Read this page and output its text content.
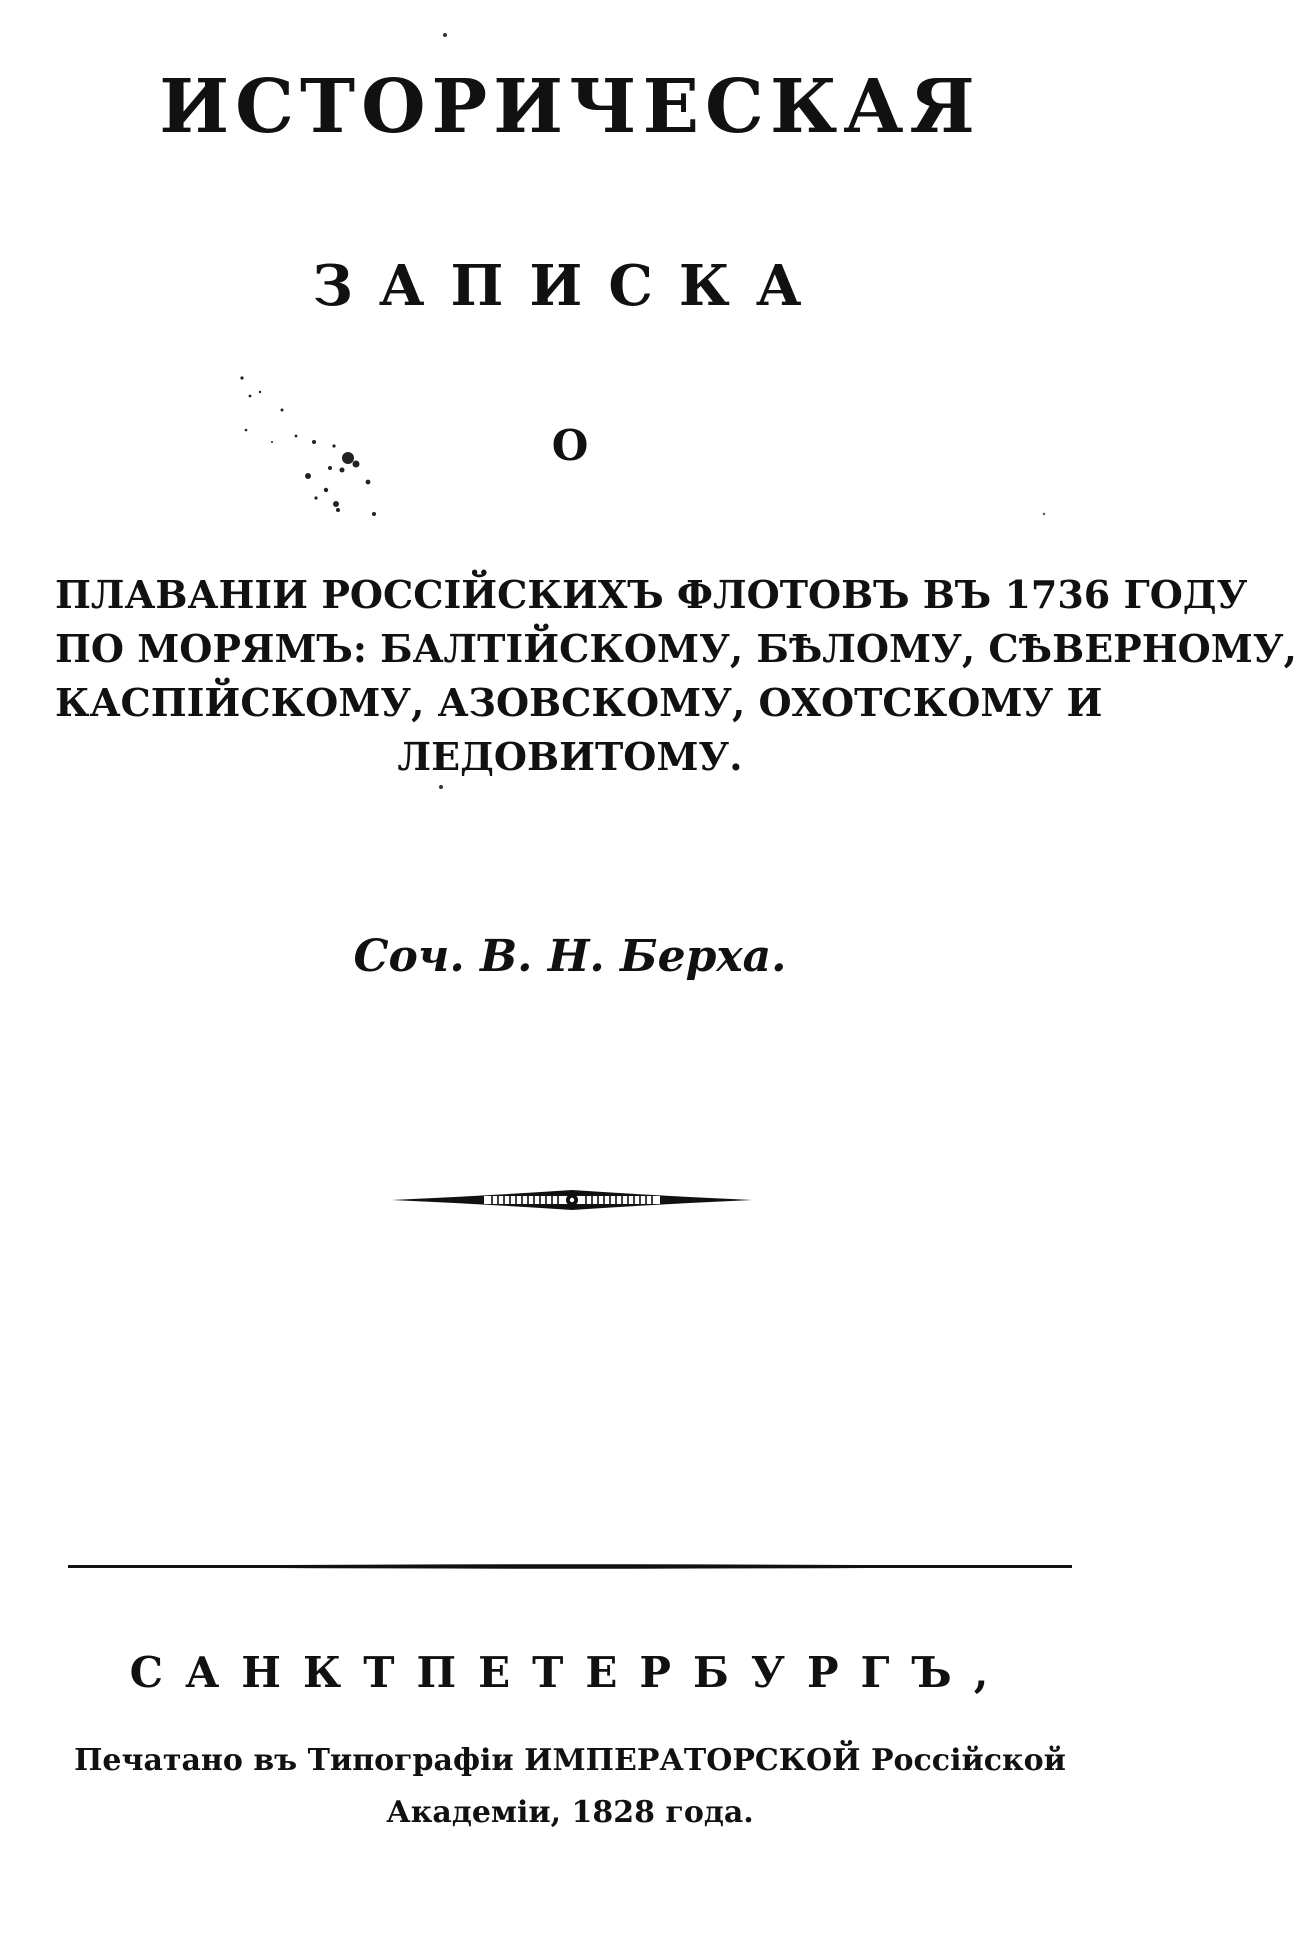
ИСТОРИЧЕСКАЯ
ЗАПИСКА
О
ПЛАВАНІИ РОССІЙСКИХЪ ФЛОТОВЪ ВЪ 1736 ГОДУ
ПО МОРЯМЪ: БАЛТІЙСКОМУ, БѢЛОМУ, СѢВЕРНОМУ,
КАСПІЙСКОМУ, АЗОВСКОМУ, ОХОТСКОМУ И
ЛЕДОВИТОМУ.
Соч. В. Н. Берха.
САНКТПЕТЕРБУРГЪ,
Печатано въ Типографіи ИМПЕРАТОРСКОЙ Россійской
Академіи, 1828 года.
